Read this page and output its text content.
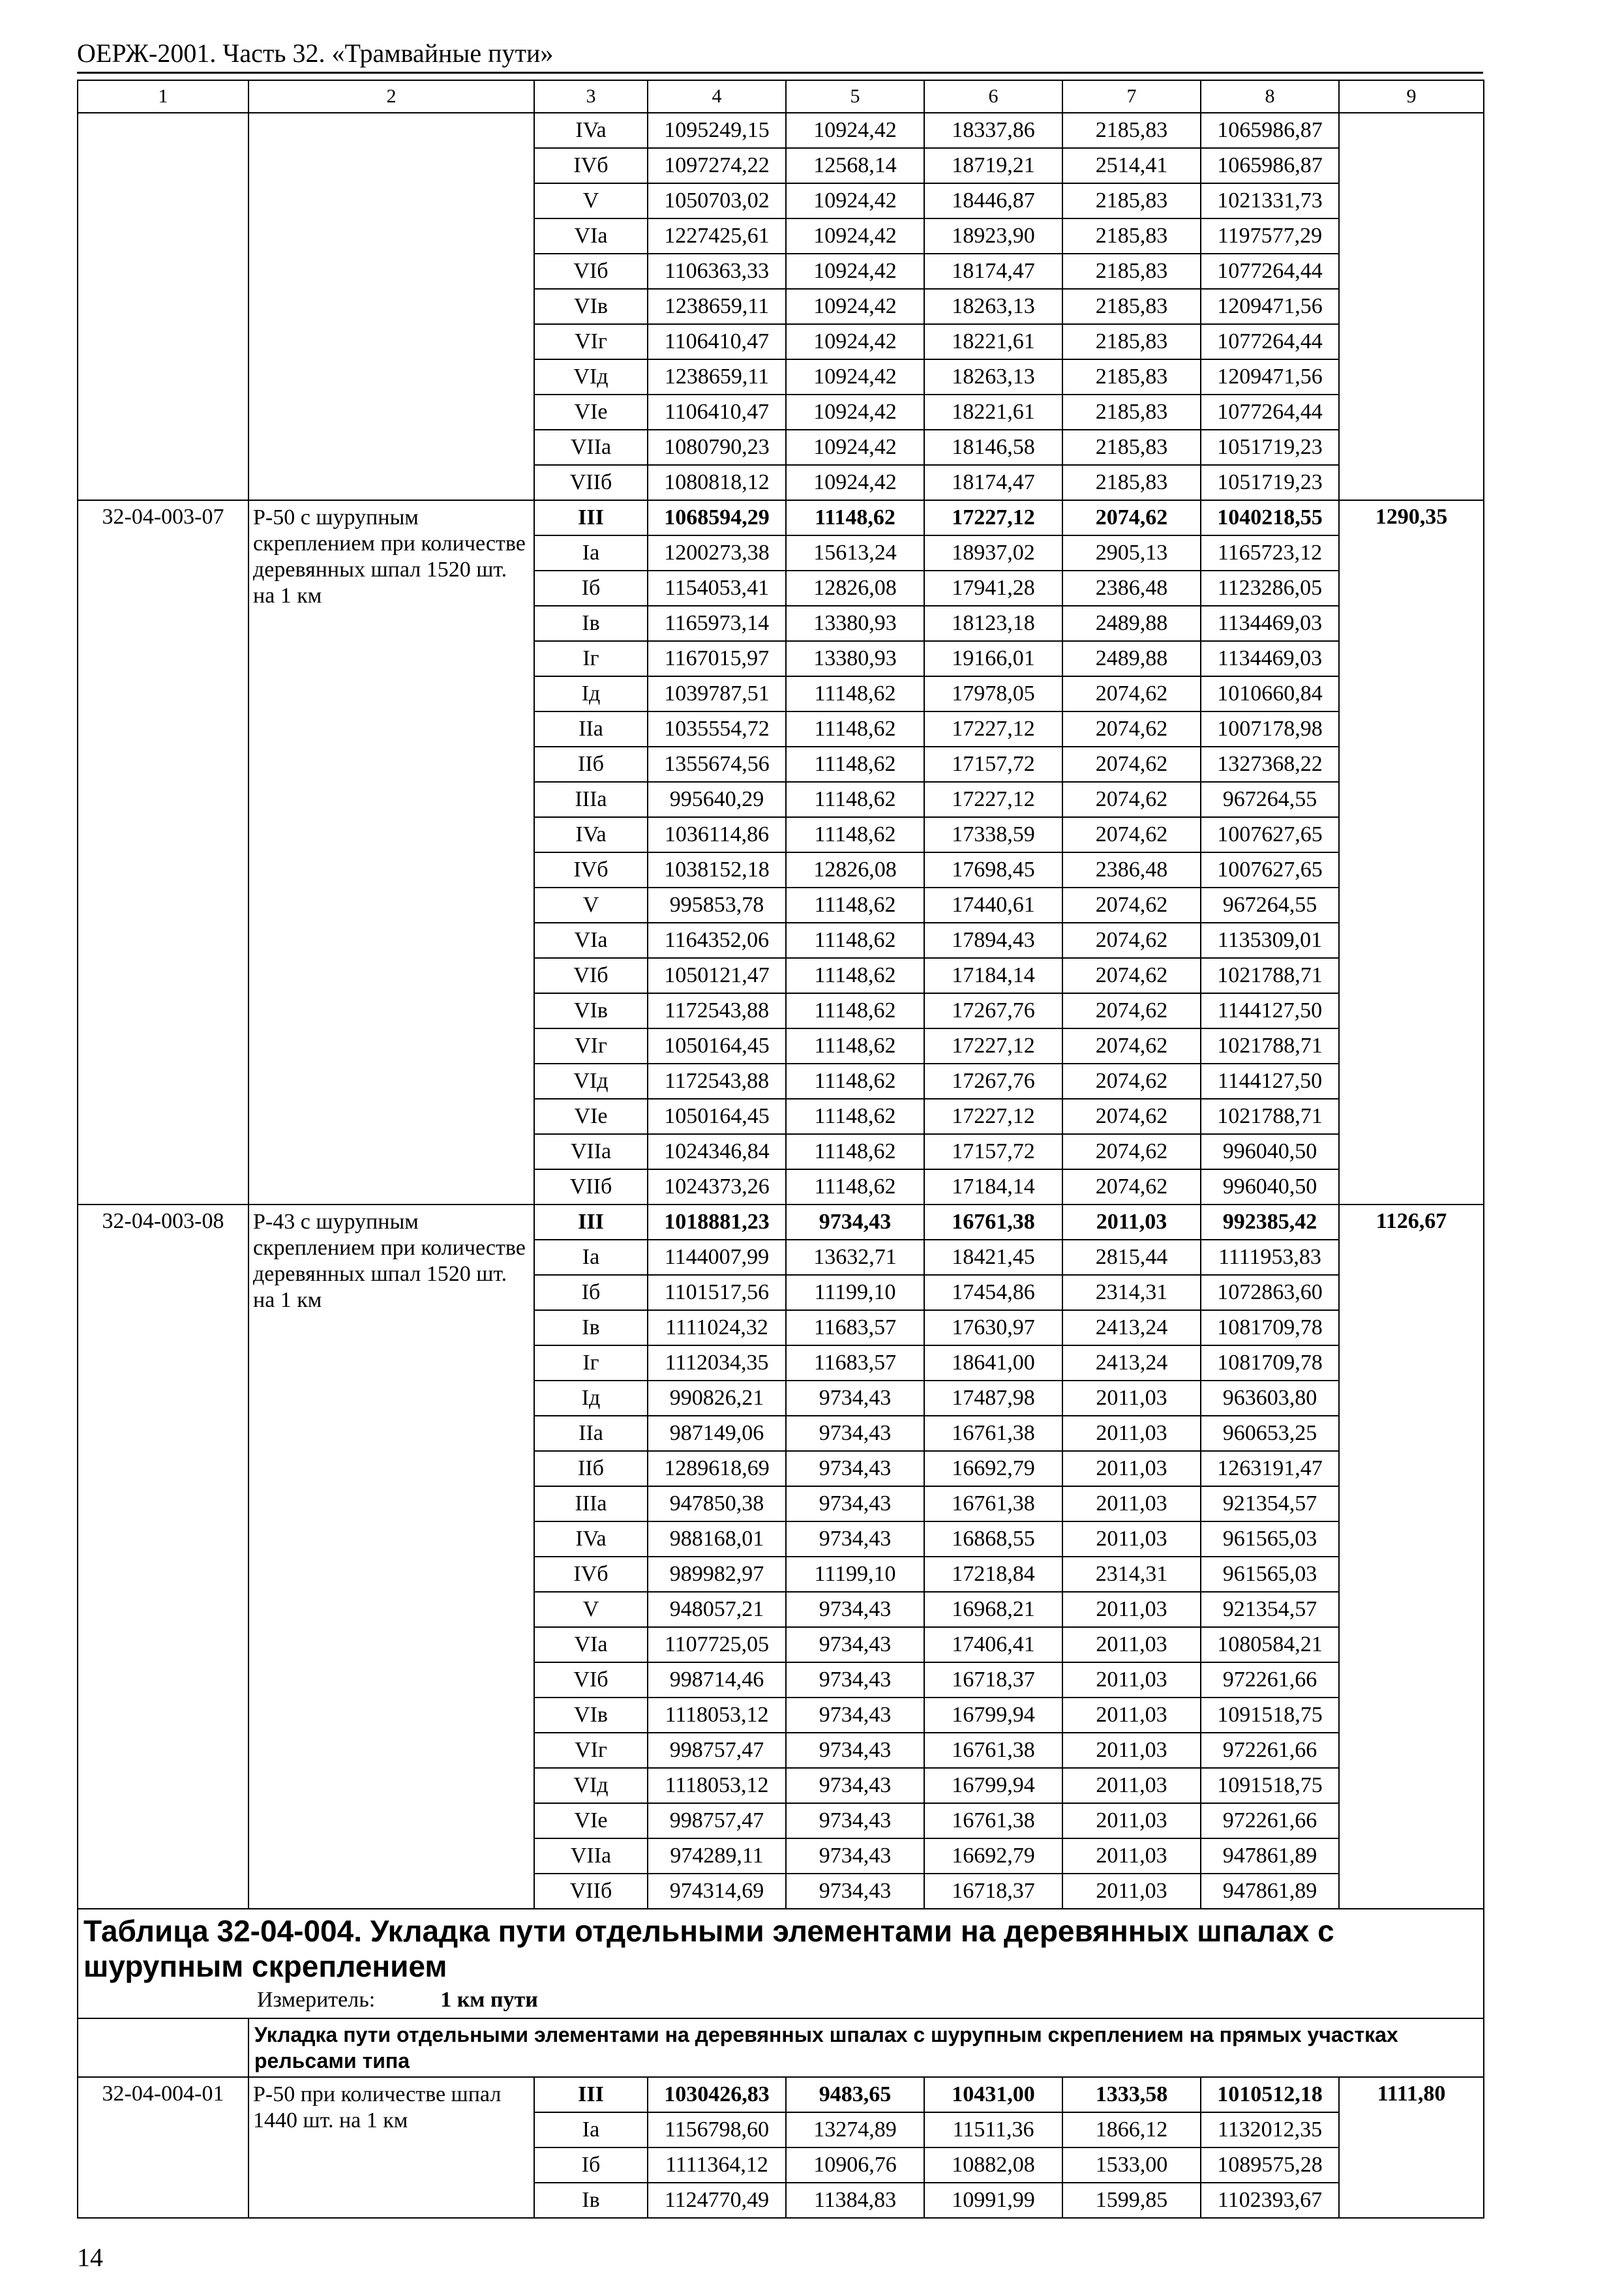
ОЕРЖ-2001. Часть 32. «Трамвайные пути»
1	2	3	4	5	6	7	8	9
		IVa	1095249,15	10924,42	18337,86	2185,83	1065986,87	
		IVб	1097274,22	12568,14	18719,21	2514,41	1065986,87	
		V	1050703,02	10924,42	18446,87	2185,83	1021331,73	
		VIa	1227425,61	10924,42	18923,90	2185,83	1197577,29	
		VIб	1106363,33	10924,42	18174,47	2185,83	1077264,44	
		VIв	1238659,11	10924,42	18263,13	2185,83	1209471,56	
		VIг	1106410,47	10924,42	18221,61	2185,83	1077264,44	
		VIд	1238659,11	10924,42	18263,13	2185,83	1209471,56	
		VIe	1106410,47	10924,42	18221,61	2185,83	1077264,44	
		VIIa	1080790,23	10924,42	18146,58	2185,83	1051719,23	
		VIIб	1080818,12	10924,42	18174,47	2185,83	1051719,23	
32-04-003-07	Р-50 с шурупным скреплением при количестве деревянных шпал 1520 шт. на 1 км	III	1068594,29	11148,62	17227,12	2074,62	1040218,55	1290,35
		Ia	1200273,38	15613,24	18937,02	2905,13	1165723,12	
		Iб	1154053,41	12826,08	17941,28	2386,48	1123286,05	
		Iв	1165973,14	13380,93	18123,18	2489,88	1134469,03	
		Iг	1167015,97	13380,93	19166,01	2489,88	1134469,03	
		Iд	1039787,51	11148,62	17978,05	2074,62	1010660,84	
		IIa	1035554,72	11148,62	17227,12	2074,62	1007178,98	
		IIб	1355674,56	11148,62	17157,72	2074,62	1327368,22	
		IIIa	995640,29	11148,62	17227,12	2074,62	967264,55	
		IVa	1036114,86	11148,62	17338,59	2074,62	1007627,65	
		IVб	1038152,18	12826,08	17698,45	2386,48	1007627,65	
		V	995853,78	11148,62	17440,61	2074,62	967264,55	
		VIa	1164352,06	11148,62	17894,43	2074,62	1135309,01	
		VIб	1050121,47	11148,62	17184,14	2074,62	1021788,71	
		VIв	1172543,88	11148,62	17267,76	2074,62	1144127,50	
		VIг	1050164,45	11148,62	17227,12	2074,62	1021788,71	
		VIд	1172543,88	11148,62	17267,76	2074,62	1144127,50	
		VIe	1050164,45	11148,62	17227,12	2074,62	1021788,71	
		VIIa	1024346,84	11148,62	17157,72	2074,62	996040,50	
		VIIб	1024373,26	11148,62	17184,14	2074,62	996040,50	
32-04-003-08	Р-43 с шурупным скреплением при количестве деревянных шпал 1520 шт. на 1 км	III	1018881,23	9734,43	16761,38	2011,03	992385,42	1126,67
		Ia	1144007,99	13632,71	18421,45	2815,44	1111953,83	
		Iб	1101517,56	11199,10	17454,86	2314,31	1072863,60	
		Iв	1111024,32	11683,57	17630,97	2413,24	1081709,78	
		Iг	1112034,35	11683,57	18641,00	2413,24	1081709,78	
		Iд	990826,21	9734,43	17487,98	2011,03	963603,80	
		IIa	987149,06	9734,43	16761,38	2011,03	960653,25	
		IIб	1289618,69	9734,43	16692,79	2011,03	1263191,47	
		IIIa	947850,38	9734,43	16761,38	2011,03	921354,57	
		IVa	988168,01	9734,43	16868,55	2011,03	961565,03	
		IVб	989982,97	11199,10	17218,84	2314,31	961565,03	
		V	948057,21	9734,43	16968,21	2011,03	921354,57	
		VIa	1107725,05	9734,43	17406,41	2011,03	1080584,21	
		VIб	998714,46	9734,43	16718,37	2011,03	972261,66	
		VIв	1118053,12	9734,43	16799,94	2011,03	1091518,75	
		VIг	998757,47	9734,43	16761,38	2011,03	972261,66	
		VIд	1118053,12	9734,43	16799,94	2011,03	1091518,75	
		VIe	998757,47	9734,43	16761,38	2011,03	972261,66	
		VIIa	974289,11	9734,43	16692,79	2011,03	947861,89	
		VIIб	974314,69	9734,43	16718,37	2011,03	947861,89	

Таблица 32-04-004. Укладка пути отдельными элементами на деревянных шпалах с шурупным скреплением
Измеритель: 1 км пути								

	Укладка пути отдельными элементами на деревянных шпалах с шурупным скреплением на прямых участках рельсами типа							
32-04-004-01	Р-50 при количестве шпал 1440 шт. на 1 км	III	1030426,83	9483,65	10431,00	1333,58	1010512,18	1111,80
		Ia	1156798,60	13274,89	11511,36	1866,12	1132012,35	
		Iб	1111364,12	10906,76	10882,08	1533,00	1089575,28	
		Iв	1124770,49	11384,83	10991,99	1599,85	1102393,67	
14
